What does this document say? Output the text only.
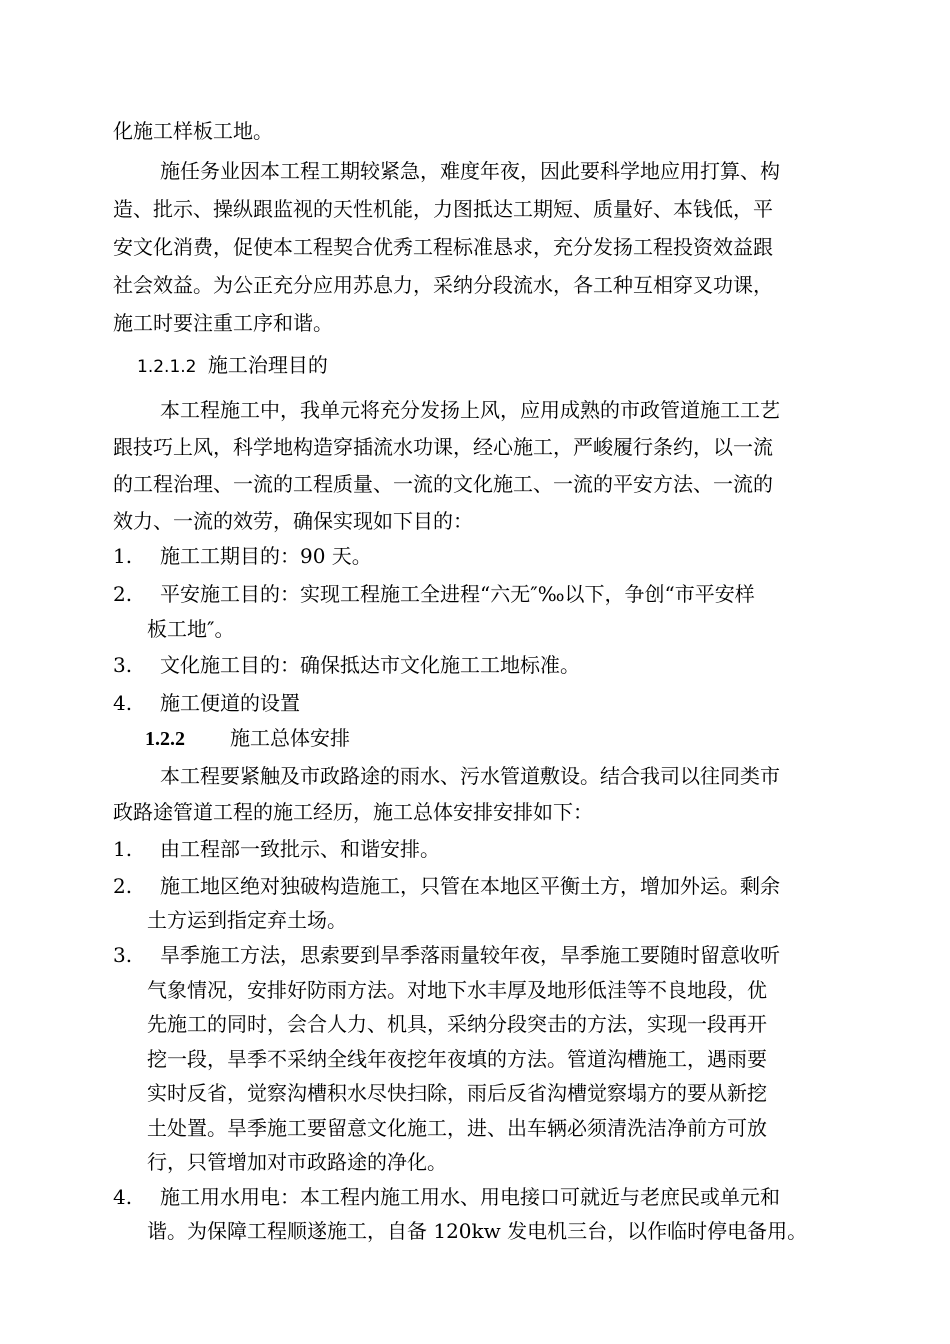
化施工样板工地。
施任务业因本工程工期较紧急，难度年夜，因此要科学地应用打算、构
造、批示、操纵跟监视的天性机能，力图抵达工期短、质量好、本钱低，平
安文化消费，促使本工程契合优秀工程标准恳求，充分发扬工程投资效益跟
社会效益。为公正充分应用苏息力，采纳分段流水，各工种互相穿叉功课，
施工时要注重工序和谐。
1.2.1.2 施工治理目的
本工程施工中，我单元将充分发扬上风，应用成熟的市政管道施工工艺
跟技巧上风，科学地构造穿插流水功课，经心施工，严峻履行条约，以一流
的工程治理、一流的工程质量、一流的文化施工、一流的平安方法、一流的
效力、一流的效劳，确保实现如下目的：
1.	施工工期目的：90 天。
2.	平安施工目的：实现工程施工全进程“六无″‰以下，争创“市平安样
板工地″。
3.	文化施工目的：确保抵达市文化施工工地标准。
4.	施工便道的设置
1.2.2 施工总体安排
本工程要紧触及市政路途的雨水、污水管道敷设。结合我司以往同类市
政路途管道工程的施工经历，施工总体安排安排如下：
1.	由工程部一致批示、和谐安排。
2.	施工地区绝对独破构造施工，只管在本地区平衡土方，增加外运。剩余
土方运到指定弃土场。
3.	旱季施工方法，思索要到旱季落雨量较年夜，旱季施工要随时留意收听
气象情况，安排好防雨方法。对地下水丰厚及地形低洼等不良地段，优
先施工的同时，会合人力、机具，采纳分段突击的方法，实现一段再开
挖一段，旱季不采纳全线年夜挖年夜填的方法。管道沟槽施工，遇雨要
实时反省，觉察沟槽积水尽快扫除，雨后反省沟槽觉察塌方的要从新挖
土处置。旱季施工要留意文化施工，进、出车辆必须清洗洁净前方可放
行，只管增加对市政路途的净化。
4.	施工用水用电：本工程内施工用水、用电接口可就近与老庶民或单元和
谐。为保障工程顺遂施工，自备 120kw 发电机三台，以作临时停电备用。
